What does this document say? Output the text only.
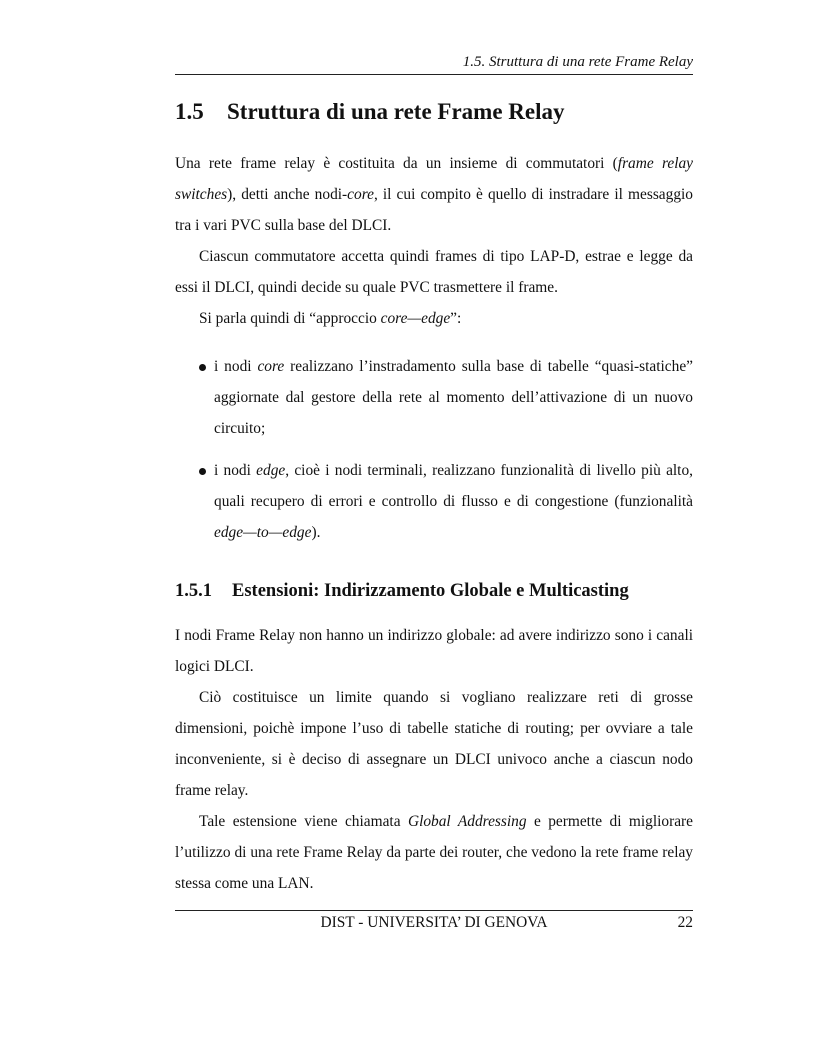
1.5. Struttura di una rete Frame Relay
1.5 Struttura di una rete Frame Relay

Una rete frame relay è costituita da un insieme di commutatori (frame relay switches), detti anche nodi-core, il cui compito è quello di instradare il messaggio tra i vari PVC sulla base del DLCI.

Ciascun commutatore accetta quindi frames di tipo LAP-D, estrae e legge da essi il DLCI, quindi decide su quale PVC trasmettere il frame.

Si parla quindi di “approccio core—edge”:

i nodi core realizzano l’instradamento sulla base di tabelle “quasi-statiche” aggiornate dal gestore della rete al momento dell’attivazione di un nuovo circuito;
i nodi edge, cioè i nodi terminali, realizzano funzionalità di livello più alto, quali recupero di errori e controllo di flusso e di congestione (funzionalità edge—to—edge).
1.5.1 Estensioni: Indirizzamento Globale e Multicasting

I nodi Frame Relay non hanno un indirizzo globale: ad avere indirizzo sono i canali logici DLCI.

Ciò costituisce un limite quando si vogliano realizzare reti di grosse dimensioni, poichè impone l’uso di tabelle statiche di routing; per ovviare a tale inconveniente, si è deciso di assegnare un DLCI univoco anche a ciascun nodo frame relay.

Tale estensione viene chiamata Global Addressing e permette di migliorare l’utilizzo di una rete Frame Relay da parte dei router, che vedono la rete frame relay stessa come una LAN.

DIST - UNIVERSITA’ DI GENOVA	22
